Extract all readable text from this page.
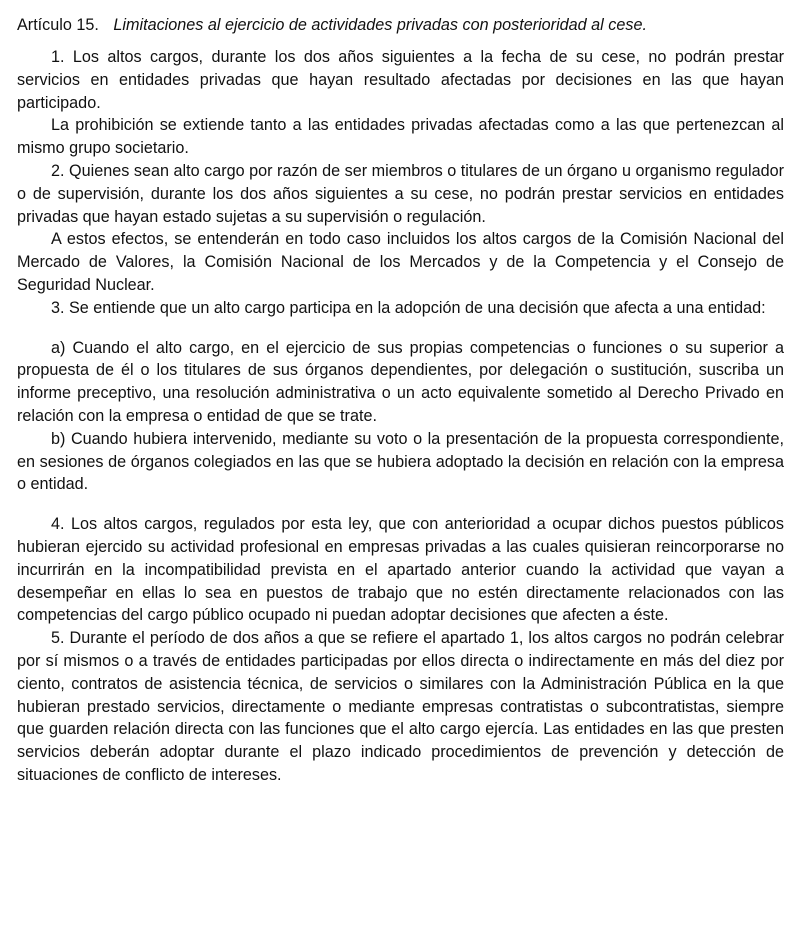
Artículo 15. Limitaciones al ejercicio de actividades privadas con posterioridad al cese.

1. Los altos cargos, durante los dos años siguientes a la fecha de su cese, no podrán prestar servicios en entidades privadas que hayan resultado afectadas por decisiones en las que hayan participado.

La prohibición se extiende tanto a las entidades privadas afectadas como a las que pertenezcan al mismo grupo societario.

2. Quienes sean alto cargo por razón de ser miembros o titulares de un órgano u organismo regulador o de supervisión, durante los dos años siguientes a su cese, no podrán prestar servicios en entidades privadas que hayan estado sujetas a su supervisión o regulación.

A estos efectos, se entenderán en todo caso incluidos los altos cargos de la Comisión Nacional del Mercado de Valores, la Comisión Nacional de los Mercados y de la Competencia y el Consejo de Seguridad Nuclear.

3. Se entiende que un alto cargo participa en la adopción de una decisión que afecta a una entidad:

a) Cuando el alto cargo, en el ejercicio de sus propias competencias o funciones o su superior a propuesta de él o los titulares de sus órganos dependientes, por delegación o sustitución, suscriba un informe preceptivo, una resolución administrativa o un acto equivalente sometido al Derecho Privado en relación con la empresa o entidad de que se trate.

b) Cuando hubiera intervenido, mediante su voto o la presentación de la propuesta correspondiente, en sesiones de órganos colegiados en las que se hubiera adoptado la decisión en relación con la empresa o entidad.

4. Los altos cargos, regulados por esta ley, que con anterioridad a ocupar dichos puestos públicos hubieran ejercido su actividad profesional en empresas privadas a las cuales quisieran reincorporarse no incurrirán en la incompatibilidad prevista en el apartado anterior cuando la actividad que vayan a desempeñar en ellas lo sea en puestos de trabajo que no estén directamente relacionados con las competencias del cargo público ocupado ni puedan adoptar decisiones que afecten a éste.

5. Durante el período de dos años a que se refiere el apartado 1, los altos cargos no podrán celebrar por sí mismos o a través de entidades participadas por ellos directa o indirectamente en más del diez por ciento, contratos de asistencia técnica, de servicios o similares con la Administración Pública en la que hubieran prestado servicios, directamente o mediante empresas contratistas o subcontratistas, siempre que guarden relación directa con las funciones que el alto cargo ejercía. Las entidades en las que presten servicios deberán adoptar durante el plazo indicado procedimientos de prevención y detección de situaciones de conflicto de intereses.
